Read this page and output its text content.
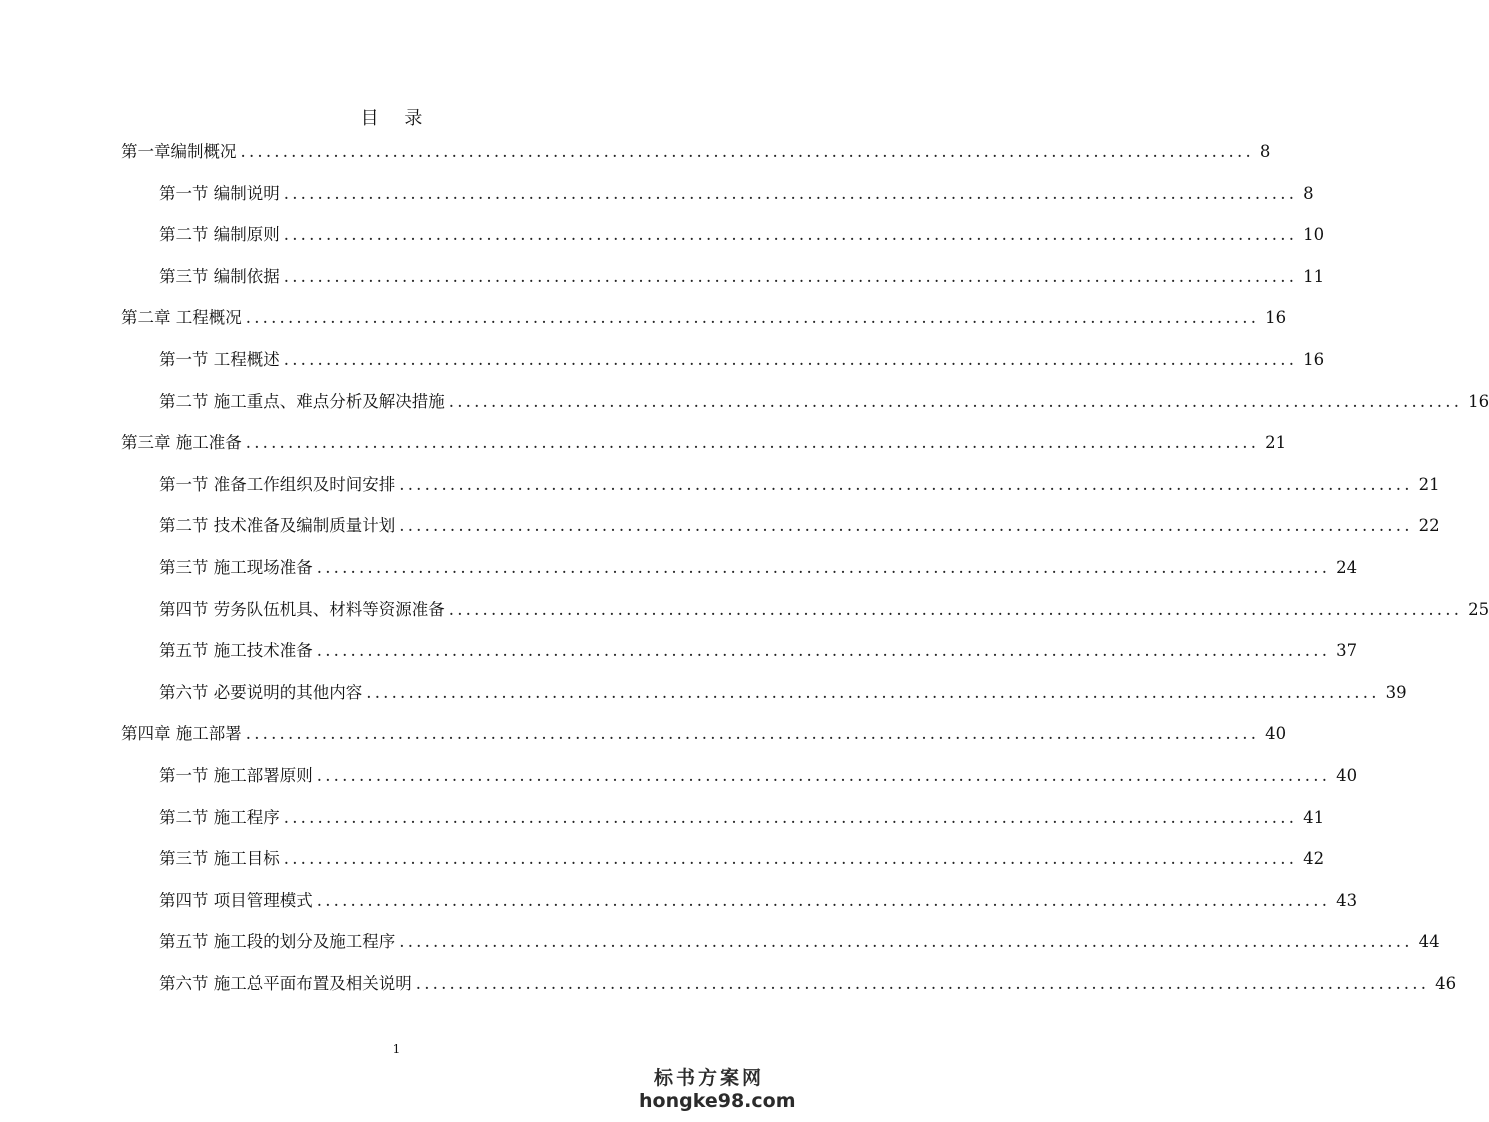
目 录
第一章编制概况 ........................................................................................................................ 8
第一节 编制说明 ........................................................................................................................ 8
第二节 编制原则 ........................................................................................................................ 10
第三节 编制依据 ........................................................................................................................ 11
第二章 工程概况 ........................................................................................................................ 16
第一节 工程概述 ........................................................................................................................ 16
第二节 施工重点、难点分析及解决措施 ........................................................................................................................ 16
第三章 施工准备 ........................................................................................................................ 21
第一节 准备工作组织及时间安排 ........................................................................................................................ 21
第二节 技术准备及编制质量计划 ........................................................................................................................ 22
第三节 施工现场准备 ........................................................................................................................ 24
第四节 劳务队伍机具、材料等资源准备 ........................................................................................................................ 25
第五节 施工技术准备 ........................................................................................................................ 37
第六节 必要说明的其他内容 ........................................................................................................................ 39
第四章 施工部署 ........................................................................................................................ 40
第一节 施工部署原则 ........................................................................................................................ 40
第二节 施工程序 ........................................................................................................................ 41
第三节 施工目标 ........................................................................................................................ 42
第四节 项目管理模式 ........................................................................................................................ 43
第五节 施工段的划分及施工程序 ........................................................................................................................ 44
第六节 施工总平面布置及相关说明 ........................................................................................................................ 46
1
标书方案网
hongke98.com
